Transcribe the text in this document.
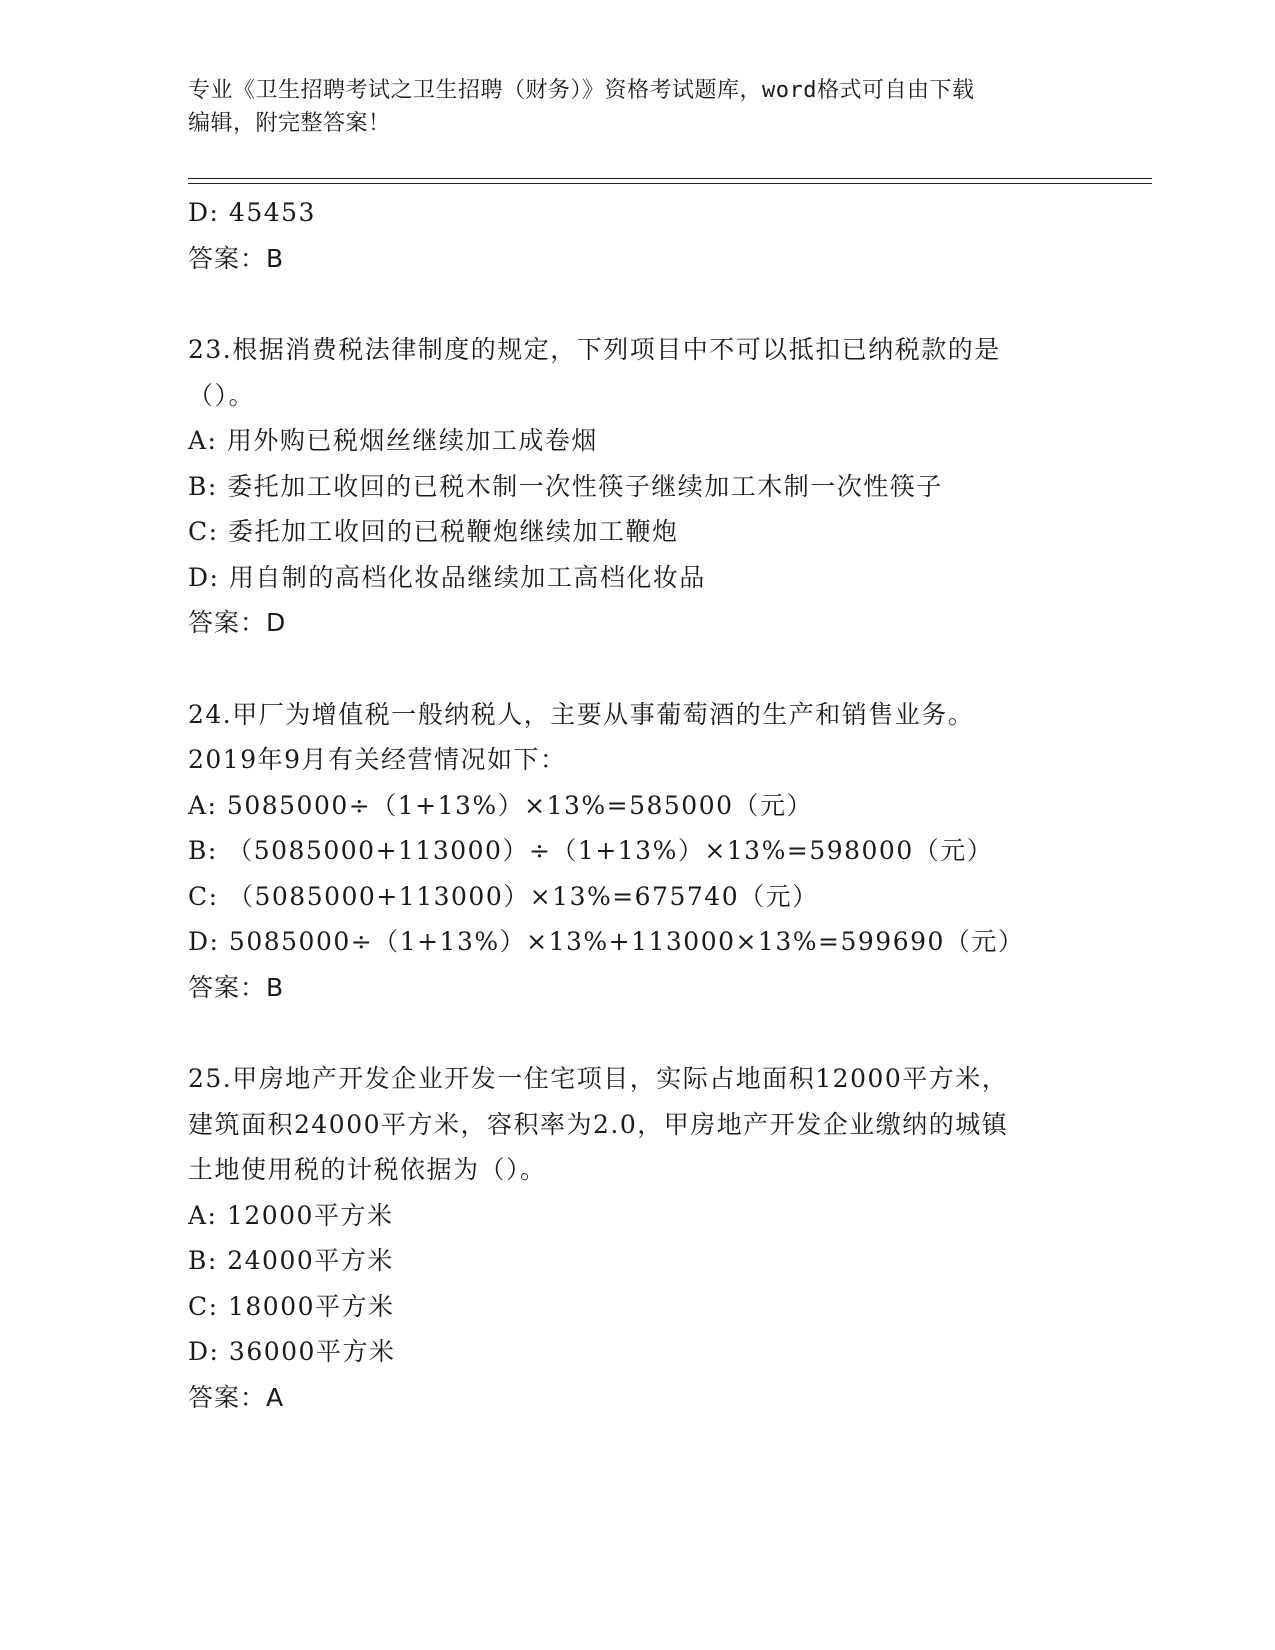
专业《卫生招聘考试之卫生招聘（财务）》资格考试题库，word格式可自由下载
编辑，附完整答案！
D: 45453
答案：B
23.根据消费税法律制度的规定，下列项目中不可以抵扣已纳税款的是
（）。
A: 用外购已税烟丝继续加工成卷烟
B: 委托加工收回的已税木制一次性筷子继续加工木制一次性筷子
C: 委托加工收回的已税鞭炮继续加工鞭炮
D: 用自制的高档化妆品继续加工高档化妆品
答案：D
24.甲厂为增值税一般纳税人，主要从事葡萄酒的生产和销售业务。
2019年9月有关经营情况如下：
A: 5085000÷（1+13%）×13%=585000（元）
B: （5085000+113000）÷（1+13%）×13%=598000（元）
C: （5085000+113000）×13%=675740（元）
D: 5085000÷（1+13%）×13%+113000×13%=599690（元）
答案：B
25.甲房地产开发企业开发一住宅项目，实际占地面积12000平方米，
建筑面积24000平方米，容积率为2.0，甲房地产开发企业缴纳的城镇
土地使用税的计税依据为（）。
A: 12000平方米
B: 24000平方米
C: 18000平方米
D: 36000平方米
答案：A
